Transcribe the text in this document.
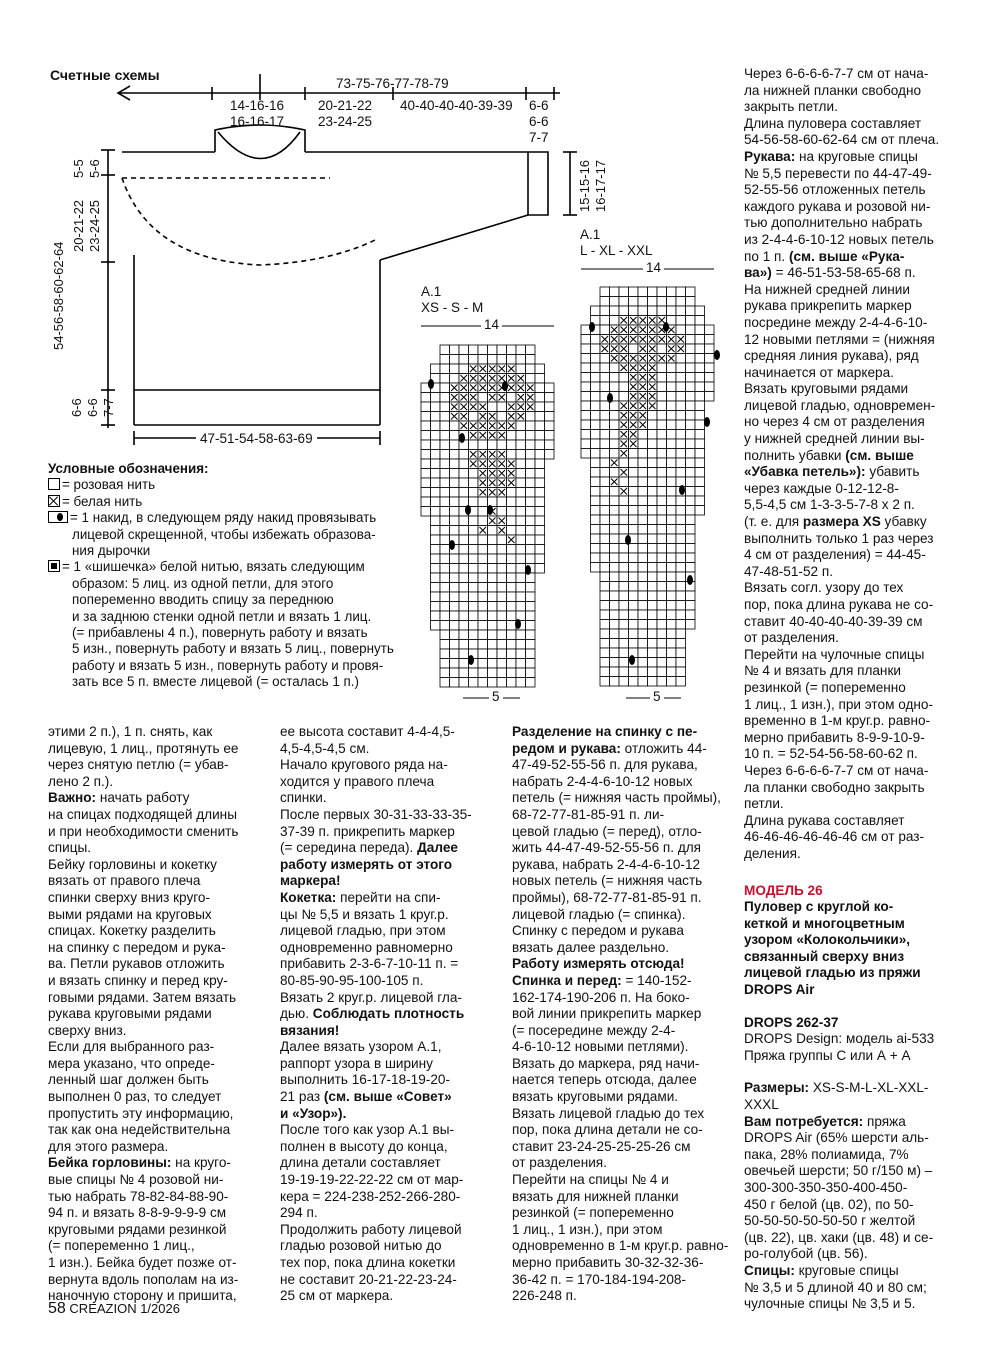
Счетные схемы
73-75-76-77-78-79
14-16-16
16-16-17
20-21-22
23-24-25
40-40-40-40-39-39 6-6
6-6
7-7
5-5 5-6
20-21-22 23-24-25
54-56-58-60-62-64
6-6 6-6 7-7
15-15-16 16-17-17
47-51-54-58-63-69
A.1
XS - S - M
A.1
L - XL - XXL
14
5
14
5
Условные обозначения:
= розовая нить
= белая нить
= 1 накид, в следующем ряду накид провязывать
лицевой скрещенной, чтобы избежать образова-
ния дырочки
= 1 «шишечка» белой нитью, вязать следующим
образом: 5 лиц. из одной петли, для этого
попеременно вводить спицу за переднюю
и за заднюю стенки одной петли и вязать 1 лиц.
(= прибавлены 4 п.), повернуть работу и вязать
5 изн., повернуть работу и вязать 5 лиц., повернуть
работу и вязать 5 изн., повернуть работу и провя-
зать все 5 п. вместе лицевой (= осталась 1 п.)

этими 2 п.), 1 п. снять, как

лицевую, 1 лиц., протянуть ее

через снятую петлю (= убав-

лено 2 п.).

Важно: начать работу

на спицах подходящей длины

и при необходимости сменить

спицы.

Бейку горловины и кокетку

вязать от правого плеча

спинки сверху вниз круго-

выми рядами на круговых

спицах. Кокетку разделить

на спинку с передом и рука-

ва. Петли рукавов отложить

и вязать спинку и перед кру-

говыми рядами. Затем вязать

рукава круговыми рядами

сверху вниз.

Если для выбранного раз-

мера указано, что опреде-

ленный шаг должен быть

выполнен 0 раз, то следует

пропустить эту информацию,

так как она недействительна

для этого размера.

Бейка горловины: на круго-

вые спицы № 4 розовой ни-

тью набрать 78-82-84-88-90-

94 п. и вязать 8-8-9-9-9-9 см

круговыми рядами резинкой

(= попеременно 1 лиц.,

1 изн.). Бейка будет позже от-

вернута вдоль пополам на из-

наночную сторону и пришита,

ее высота составит 4-4-4,5-

4,5-4,5-4,5 см.

Начало кругового ряда на-

ходится у правого плеча

спинки.

После первых 30-31-33-33-35-

37-39 п. прикрепить маркер

(= середина переда). Далее

работу измерять от этого

маркера!

Кокетка: перейти на спи-

цы № 5,5 и вязать 1 круг.р.

лицевой гладью, при этом

одновременно равномерно

прибавить 2-3-6-7-10-11 п. =

80-85-90-95-100-105 п.

Вязать 2 круг.р. лицевой гла-

дью. Соблюдать плотность

вязания!

Далее вязать узором А.1,

раппорт узора в ширину

выполнить 16-17-18-19-20-

21 раз (см. выше «Совет»

и «Узор»).

После того как узор А.1 вы-

полнен в высоту до конца,

длина детали составляет

19-19-19-22-22-22 см от мар-

кера = 224-238-252-266-280-

294 п.

Продолжить работу лицевой

гладью розовой нитью до

тех пор, пока длина кокетки

не составит 20-21-22-23-24-

25 см от маркера.

Разделение на спинку с пе-

редом и рукава: отложить 44-

47-49-52-55-56 п. для рукава,

набрать 2-4-4-6-10-12 новых

петель (= нижняя часть проймы),

68-72-77-81-85-91 п. ли-

цевой гладью (= перед), отло-

жить 44-47-49-52-55-56 п. для

рукава, набрать 2-4-4-6-10-12

новых петель (= нижняя часть

проймы), 68-72-77-81-85-91 п.

лицевой гладью (= спинка).

Спинку с передом и рукава

вязать далее раздельно.

Работу измерять отсюда!

Спинка и перед: = 140-152-

162-174-190-206 п. На боко-

вой линии прикрепить маркер

(= посередине между 2-4-

4-6-10-12 новыми петлями).

Вязать до маркера, ряд начи-

нается теперь отсюда, далее

вязать круговыми рядами.

Вязать лицевой гладью до тех

пор, пока длина детали не со-

ставит 23-24-25-25-25-26 см

от разделения.

Перейти на спицы № 4 и

вязать для нижней планки

резинкой (= попеременно

1 лиц., 1 изн.), при этом

одновременно в 1-м круг.р. равно-

мерно прибавить 30-32-32-36-

36-42 п. = 170-184-194-208-

226-248 п.

Через 6-6-6-6-7-7 см от нача-

ла нижней планки свободно

закрыть петли.

Длина пуловера составляет

54-56-58-60-62-64 см от плеча.

Рукава: на круговые спицы

№ 5,5 перевести по 44-47-49-

52-55-56 отложенных петель

каждого рукава и розовой ни-

тью дополнительно набрать

из 2-4-4-6-10-12 новых петель

по 1 п. (см. выше «Рука-

ва») = 46-51-53-58-65-68 п.

На нижней средней линии

рукава прикрепить маркер

посредине между 2-4-4-6-10-

12 новыми петлями = (нижняя

средняя линия рукава), ряд

начинается от маркера.

Вязать круговыми рядами

лицевой гладью, одновремен-

но через 4 см от разделения

у нижней средней линии вы-

полнить убавки (см. выше

«Убавка петель»): убавить

через каждые 0-12-12-8-

5,5-4,5 см 1-3-3-5-7-8 х 2 п.

(т. е. для размера XS убавку

выполнить только 1 раз через

4 см от разделения) = 44-45-

47-48-51-52 п.

Вязать согл. узору до тех

пор, пока длина рукава не со-

ставит 40-40-40-40-39-39 см

от разделения.

Перейти на чулочные спицы

№ 4 и вязать для планки

резинкой (= попеременно

1 лиц., 1 изн.), при этом одно-

временно в 1-м круг.р. равно-

мерно прибавить 8-9-9-10-9-

10 п. = 52-54-56-58-60-62 п.

Через 6-6-6-6-7-7 см от нача-

ла планки свободно закрыть

петли.

Длина рукава составляет

46-46-46-46-46-46 см от раз-

деления.

МОДЕЛЬ 26

Пуловер с круглой ко-

кеткой и многоцветным

узором «Колокольчики»,

связанный сверху вниз

лицевой гладью из пряжи

DROPS Air

DROPS 262-37

DROPS Design: модель ai-533

Пряжа группы С или А + А

Размеры: XS-S-M-L-XL-XXL-

XXXL

Вам потребуется: пряжа

DROPS Air (65% шерсти аль-

пака, 28% полиамида, 7%

овечьей шерсти; 50 г/150 м) –

300-300-350-350-400-450-

450 г белой (цв. 02), по 50-

50-50-50-50-50-50 г желтой

(цв. 22), цв. хаки (цв. 48) и се-

ро-голубой (цв. 56).

Спицы: круговые спицы

№ 3,5 и 5 длиной 40 и 80 см;

чулочные спицы № 3,5 и 5.

58 CREAZION 1/2026
